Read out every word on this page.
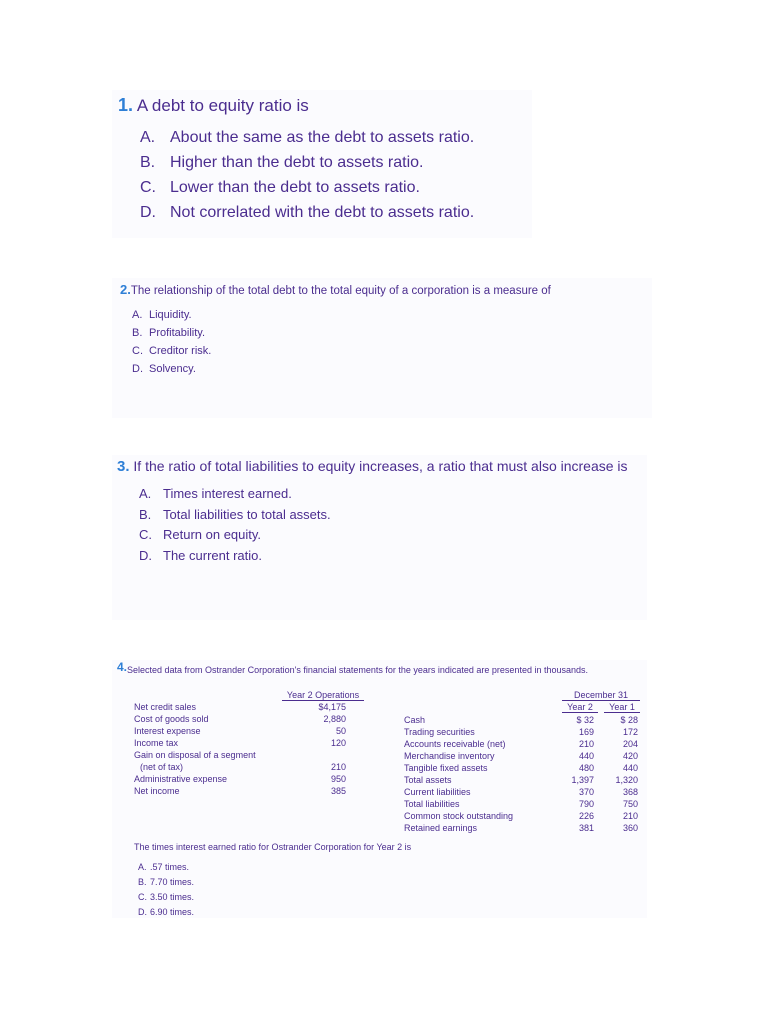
1. A debt to equity ratio is
A. About the same as the debt to assets ratio.
B. Higher than the debt to assets ratio.
C. Lower than the debt to assets ratio.
D. Not correlated with the debt to assets ratio.
2.The relationship of the total debt to the total equity of a corporation is a measure of
A. Liquidity.
B. Profitability.
C. Creditor risk.
D. Solvency.
3. If the ratio of total liabilities to equity increases, a ratio that must also increase is
A. Times interest earned.
B. Total liabilities to total assets.
C. Return on equity.
D. The current ratio.
4.Selected data from Ostrander Corporation's financial statements for the years indicated are presented in thousands.
Year 2 Operations
Net credit sales	$4,175
Cost of goods sold	2,880
Interest expense	50
Income tax	120
Gain on disposal of a segment
(net of tax)	210
Administrative expense	950
Net income	385
December 31
Year 2	Year 1
Cash	$ 32	$ 28
Trading securities	169	172
Accounts receivable (net)	210	204
Merchandise inventory	440	420
Tangible fixed assets	480	440
Total assets	1,397	1,320
Current liabilities	370	368
Total liabilities	790	750
Common stock outstanding	226	210
Retained earnings	381	360
The times interest earned ratio for Ostrander Corporation for Year 2 is
A. .57 times.
B. 7.70 times.
C. 3.50 times.
D. 6.90 times.
